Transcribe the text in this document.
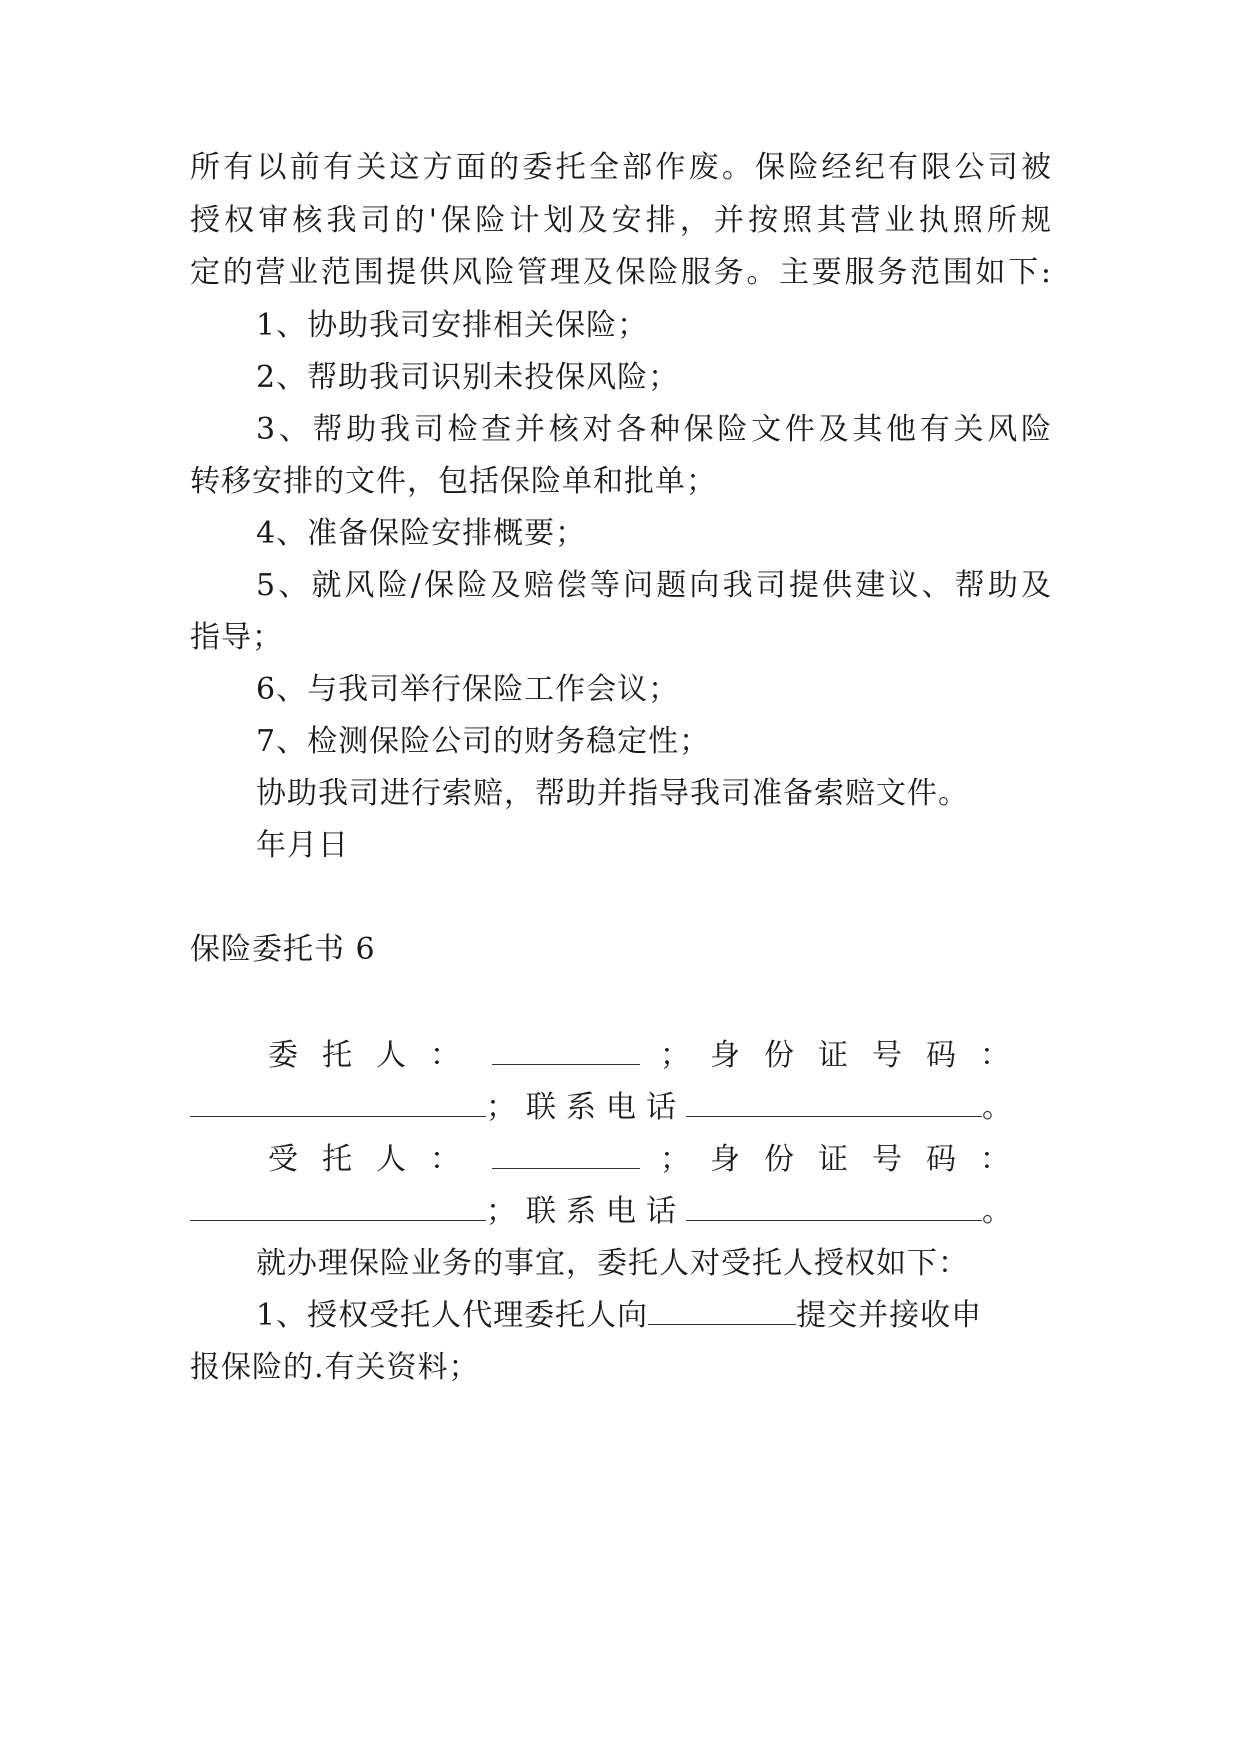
所有以前有关这方面的委托全部作废。保险经纪有限公司被
授权审核我司的'保险计划及安排，并按照其营业执照所规
定的营业范围提供风险管理及保险服务。主要服务范围如下:
1、协助我司安排相关保险；
2、帮助我司识别未投保风险；
3、帮助我司检查并核对各种保险文件及其他有关风险
转移安排的文件，包括保险单和批单；
4、准备保险安排概要；
5、就风险/保险及赔偿等问题向我司提供建议、帮助及
指导；
6、与我司举行保险工作会议；
7、检测保险公司的财务稳定性；
协助我司进行索赔，帮助并指导我司准备索赔文件。
年月日
保险委托书 6
委托人：	； 身份证号码：
；联系电话	。
受托人：	； 身份证号码：
；联系电话	。
就办理保险业务的事宜，委托人对受托人授权如下：
1、授权受托人代理委托人向	提交并接收申
报保险的.有关资料；
